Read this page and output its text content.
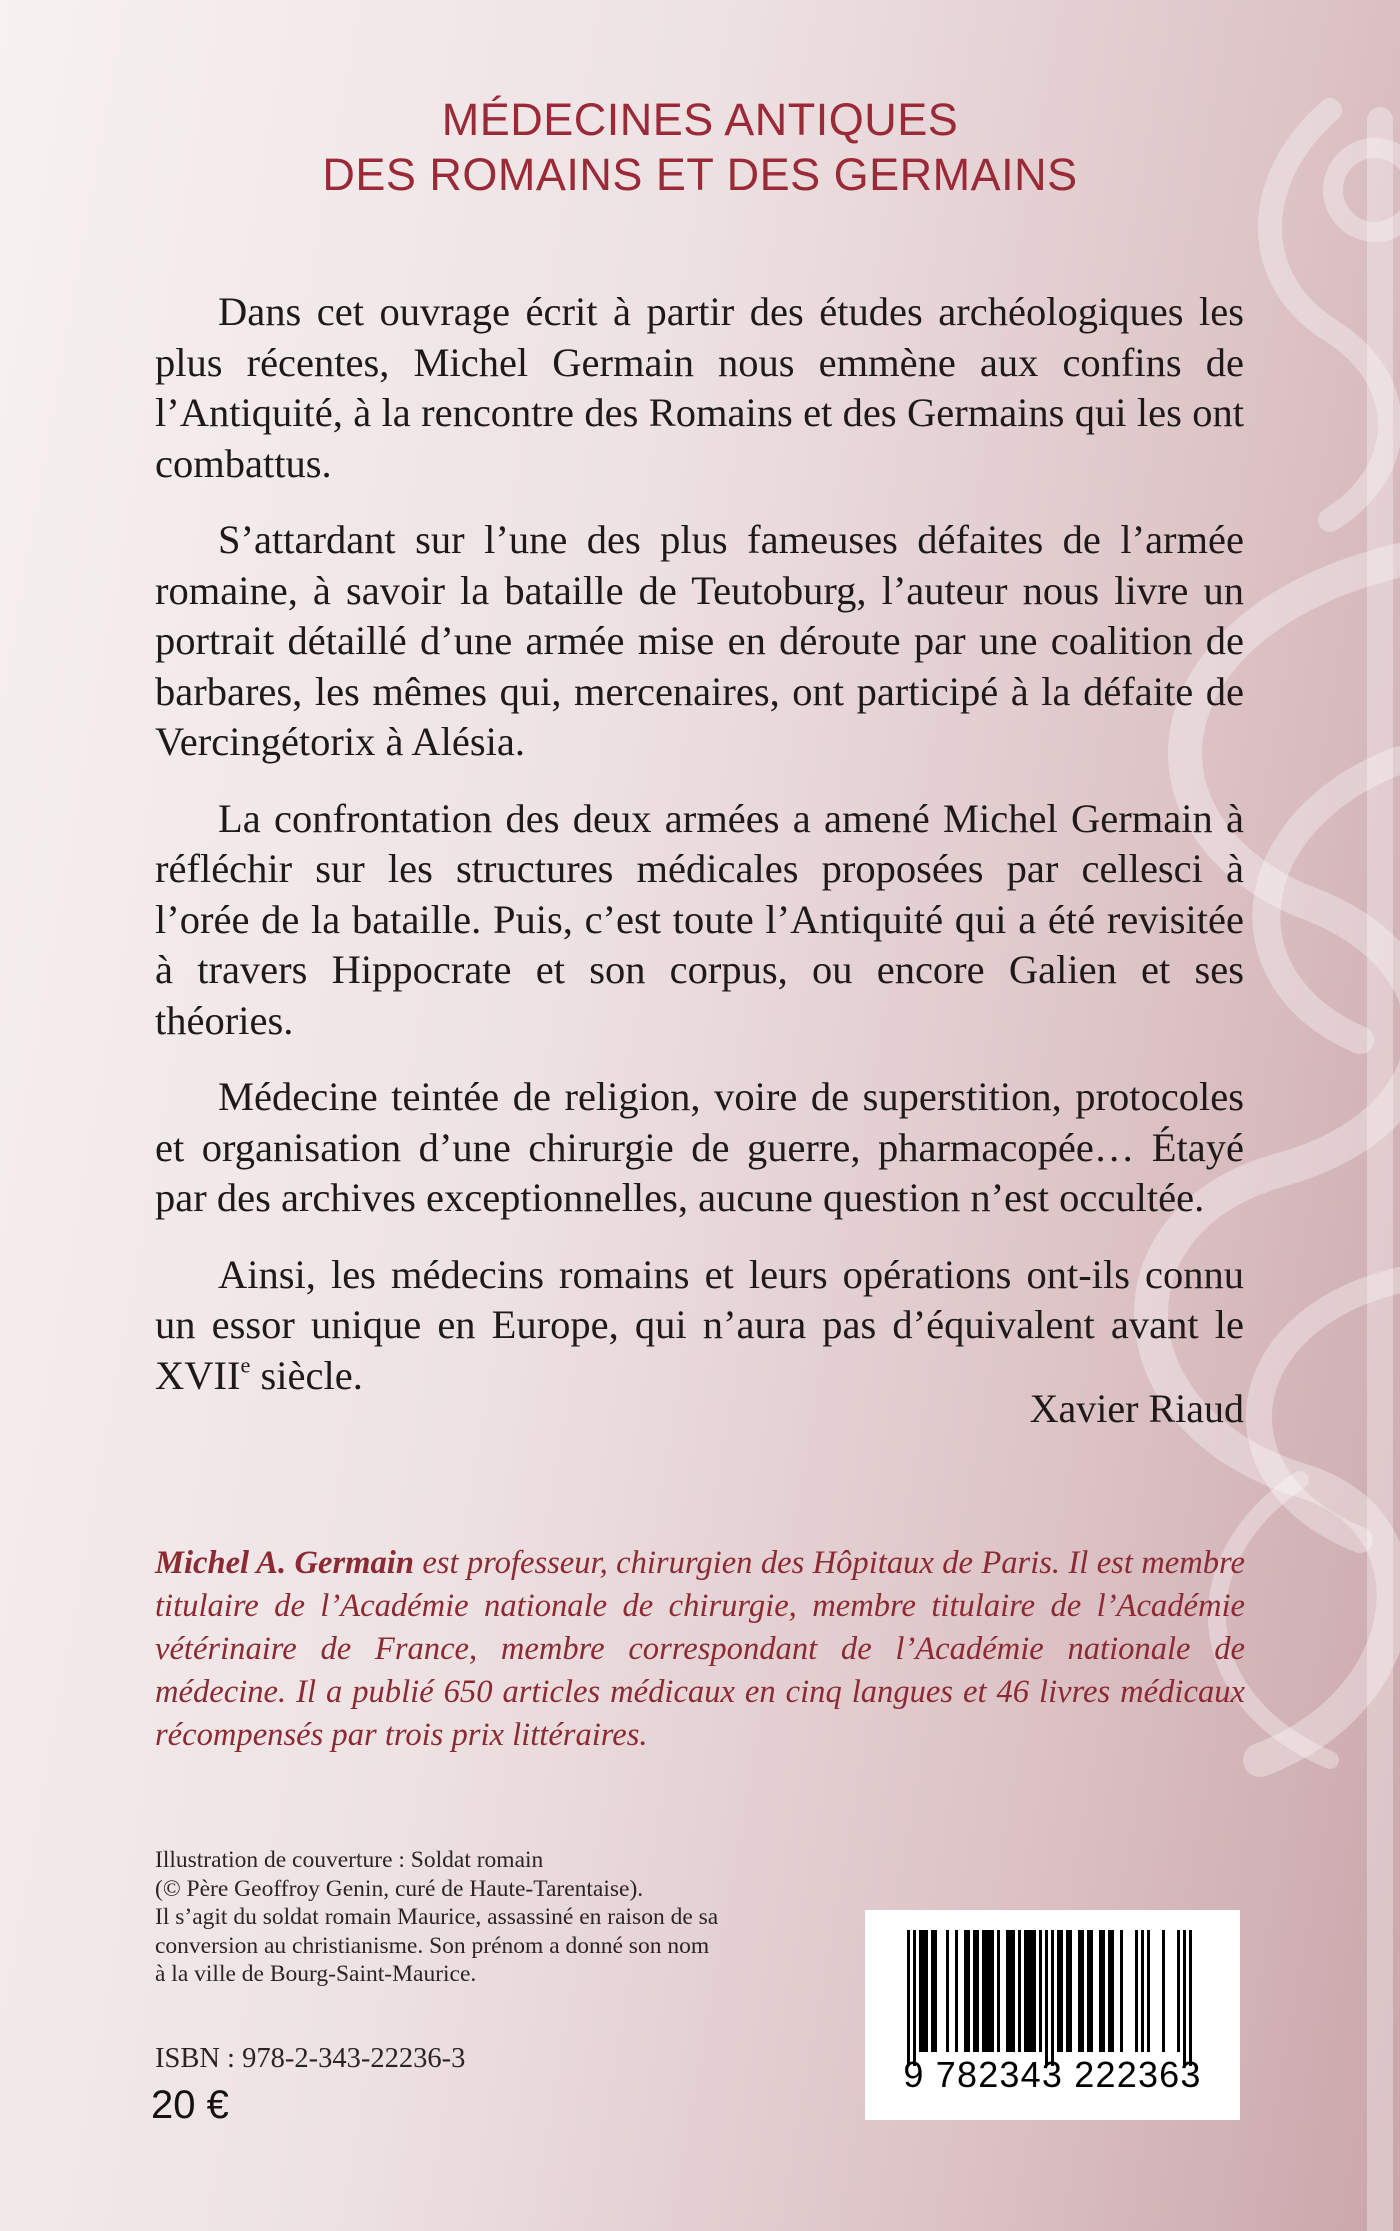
MÉDECINES ANTIQUES
DES ROMAINS ET DES GERMAINS

Dans cet ouvrage écrit à partir des études archéologiques les plus récentes, Michel Germain nous emmène aux confins de l’Antiquité, à la rencontre des Romains et des Germains qui les ont combattus.

S’attardant sur l’une des plus fameuses défaites de l’armée romaine, à savoir la bataille de Teutoburg, l’auteur nous livre un portrait détaillé d’une armée mise en déroute par une coalition de barbares, les mêmes qui, mercenaires, ont participé à la défaite de Vercingétorix à Alésia.

La confrontation des deux armées a amené Michel Germain à réfléchir sur les structures médicales proposées par cellesci à l’orée de la bataille. Puis, c’est toute l’Antiquité qui a été revisitée à travers Hippocrate et son corpus, ou encore Galien et ses théories.

Médecine teintée de religion, voire de superstition, protocoles et organisation d’une chirurgie de guerre, pharmacopée… Étayé par des archives exceptionnelles, aucune question n’est occultée.

Ainsi, les médecins romains et leurs opérations ont-ils connu un essor unique en Europe, qui n’aura pas d’équivalent avant le XVIIe siècle.

Xavier Riaud
Michel A. Germain est professeur, chirurgien des Hôpitaux de Paris. Il est membre titulaire de l’Académie nationale de chirurgie, membre titulaire de l’Académie vétérinaire de France, membre correspondant de l’Académie nationale de médecine. Il a publié 650 articles médicaux en cinq langues et 46 livres médicaux récompensés par trois prix littéraires.
Illustration de couverture : Soldat romain
(© Père Geoffroy Genin, curé de Haute-Tarentaise).
Il s’agit du soldat romain Maurice, assassiné en raison de sa
conversion au christianisme. Son prénom a donné son nom
à la ville de Bourg-Saint-Maurice.
ISBN : 978-2-343-22236-3
20 €
9 782343 222363
